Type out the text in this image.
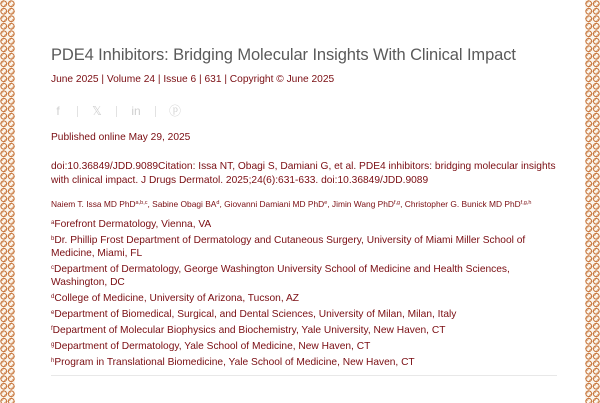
PDE4 Inhibitors: Bridging Molecular Insights With Clinical Impact
June 2025 | Volume 24 | Issue 6 | 631 | Copyright © June 2025
f	𝕏 in ⓟ
Published online May 29, 2025
doi:10.36849/JDD.9089Citation: Issa NT, Obagi S, Damiani G, et al. PDE4 inhibitors: bridging molecular insights with clinical impact. J Drugs Dermatol. 2025;24(6):631-633. doi:10.36849/JDD.9089
Naiem T. Issa MD PhD$^{a,b,c}$, Sabine Obagi $BA^d$, Giovanni Damiani MD PhD$^e$, Jimin Wang PhD$^{f,g}$, Christopher G. Bunick MD PhD$^{f,g,h}$

$^a$Forefront Dermatology, Vienna, VA

$^b$Dr. Phillip Frost Department of Dermatology and Cutaneous Surgery, University of Miami Miller School of Medicine, Miami, FL

$^c$Department of Dermatology, George Washington University School of Medicine and Health Sciences, Washington, DC

$^d$College of Medicine, University of Arizona, Tucson, AZ

$^e$Department of Biomedical, Surgical, and Dental Sciences, University of Milan, Milan, Italy

$^f$Department of Molecular Biophysics and Biochemistry, Yale University, New Haven, CT

$^g$Department of Dermatology, Yale School of Medicine, New Haven, CT

$^h$Program in Translational Biomedicine, Yale School of Medicine, New Haven, CT
